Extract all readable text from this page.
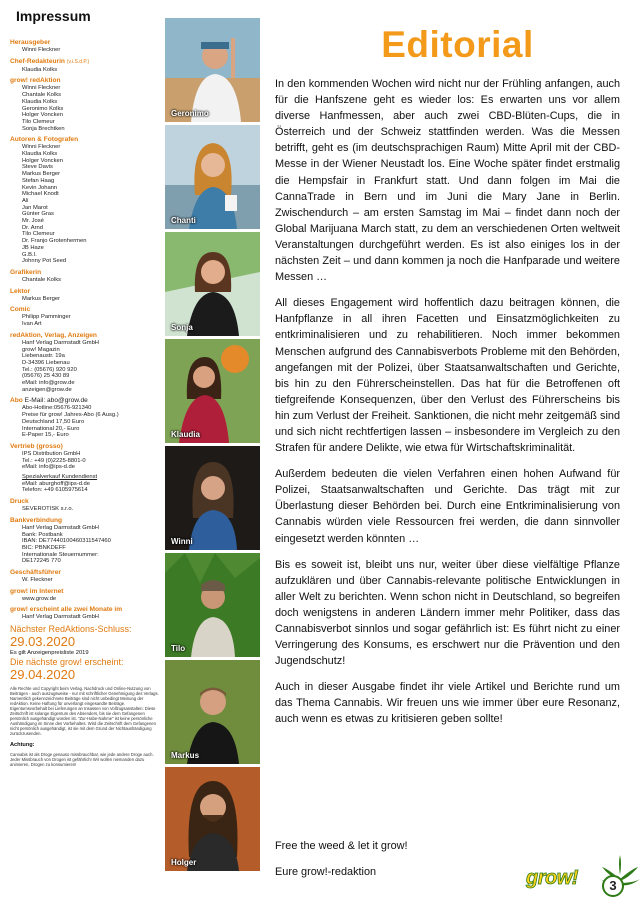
Impressum
Herausgeber
Winni Fleckner
Chef-Redakteurin (v.i.S.d.P.)
Klaudia Kolks
grow! redAktion
Winni Fleckner
Chantale Kolks
Klaudia Kolks
Geronimo Kolks
Holger Voncken
Tilo Clemeur
Sonja Brechtken
Autoren & Fotografen
Winni Fleckner
Klaudia Kolks
Holger Voncken
Steve Davis
Markus Berger
Stefan Haag
Kevin Johann
Michael Knodt
Ali
Jan Marot
Günter Gras
Mr. José
Dr. Arnd
Tilo Clemeur
Dr. Franjo Grotenhermen
JB Haze
G.B.I.
Johnny Pot Seed
Grafikerin
Chantale Kolks
Lektor
Markus Berger
Comic
Philipp Pamminger
Ivan Art
redAktion, Verlag, Anzeigen
Hanf Verlag Darmstadt GmbH
grow! Magazin
Liebenaustr. 19a
D-34396 Liebenau
Tel.: (05676) 920 920
(05676) 25 430 89
eMail: info@grow.de
anzeigen@grow.de
Abo E-Mail: abo@grow.de
Abo-Hotline:05676-921340
Preise für grow! Jahres-Abo (6 Ausg.)
Deutschland 17,50 Euro
International 20,- Euro
E-Paper 15,- Euro
Vertrieb (grosso)
IPS Distribution GmbH
Tel.: +49 (0)2225-8801-0
eMail: info@ips-d.de
Spezialverkauf Kundendienst
eMail: aburghoff@ips-d.de
Telefon: +49 6105975614
Druck
SEVEROTISK s.r.o.
Bankverbindung
Hanf Verlag Darmstadt GmbH
Bank: Postbank
IBAN: DE77440100460311547460
BIC: PBNKDEFF
Internationale Steuernummer:
DE172245 770
Geschäftsführer
W. Fleckner
grow! im Internet
www.grow.de
grow! erscheint alle zwei Monate im
Hanf Verlag Darmstadt GmbH
Nächster RedAktions-Schluss:
29.03.2020
Es gilt Anzeigenpreisliste 2019
Die nächste grow! erscheint:
29.04.2020
Alle Rechte und Copyright beim Verlag. Nachdruck und Online-Nutzung von Beiträgen - auch auszugsweise - nur mit schriftlicher Genehmigung des Verlags. Namentlich gekennzeichnete Beiträge sind nicht unbedingt Meinung der redAktion. Keine Haftung für unverlangt eingesandte Beiträge. Eigentumsvorbehalt bei Lieferungen an Insassen von Vollzugsanstalten: Diese Zeitschrift ist solange Eigentum des Absenders, bis sie dem Gefangenen persönlich ausgehändigt worden ist. "Zur-Habe-Nahme" ist keine persönliche Aushändigung im Sinne des Vorbehaltes. Wird die Zeitschrift dem Gefangenen nicht persönlich ausgehändigt, ist sie mit dem Grund der Nichtaushändigung zurückzusenden.
Achtung:
Cannabis ist als Droge genauso missbrauchbar, wie jede andere Droge auch. Jeder Missbrauch von Drogen ist gefährlich! Wir wollen niemanden dazu animieren, Drogen zu konsumieren!
Geronimo
Chanti
Sonja
Klaudia
Winni
Tilo
Markus
Holger
Editorial

In den kommenden Wochen wird nicht nur der Frühling anfangen, auch für die Hanfszene geht es wieder los: Es erwarten uns vor allem diverse Hanfmessen, aber auch zwei CBD-Blüten-Cups, die in Österreich und der Schweiz stattfinden werden. Was die Messen betrifft, geht es (im deutschsprachigen Raum) Mitte April mit der CBD-Messe in der Wiener Neustadt los. Eine Woche später findet erstmalig die Hempsfair in Frankfurt statt. Und dann folgen im Mai die CannaTrade in Bern und im Juni die Mary Jane in Berlin. Zwischendurch – am ersten Samstag im Mai – findet dann noch der Global Marijuana March statt, zu dem an verschiedenen Orten weltweit Veranstaltungen durchgeführt werden. Es ist also einiges los in der nächsten Zeit – und dann kommen ja noch die Hanfparade und weitere Messen …

All dieses Engagement wird hoffentlich dazu beitragen können, die Hanfpflanze in all ihren Facetten und Einsatzmöglichkeiten zu entkriminalisieren und zu rehabilitieren. Noch immer bekommen Menschen aufgrund des Cannabisverbots Probleme mit den Behörden, angefangen mit der Polizei, über Staatsanwaltschaften und Gerichte, bis hin zu den Führerscheinstellen. Das hat für die Betroffenen oft tiefgreifende Konsequenzen, über den Verlust des Führerscheins bis hin zum Verlust der Freiheit. Sanktionen, die nicht mehr zeitgemäß sind und sich nicht rechtfertigen lassen – insbesondere im Vergleich zu den Strafen für andere Delikte, wie etwa für Wirtschaftskriminalität.

Außerdem bedeuten die vielen Verfahren einen hohen Aufwand für Polizei, Staatsanwaltschaften und Gerichte. Das trägt mit zur Überlastung dieser Behörden bei. Durch eine Entkriminalisierung von Cannabis würden viele Ressourcen frei werden, die dann sinnvoller eingesetzt werden könnten …

Bis es soweit ist, bleibt uns nur, weiter über diese vielfältige Pflanze aufzuklären und über Cannabis-relevante politische Entwicklungen in aller Welt zu berichten. Wenn schon nicht in Deutschland, so begreifen doch wenigstens in anderen Ländern immer mehr Politiker, dass das Cannabisverbot sinnlos und sogar gefährlich ist: Es führt nicht zu einer Verringerung des Konsums, es erschwert nur die Prävention und den Jugendschutz!

Auch in dieser Ausgabe findet ihr viele Artikel und Berichte rund um das Thema Cannabis. Wir freuen uns wie immer über eure Resonanz, auch wenn es etwas zu kritisieren geben sollte!

Free the weed & let it grow!
Eure grow!-redaktion	grow!	3
